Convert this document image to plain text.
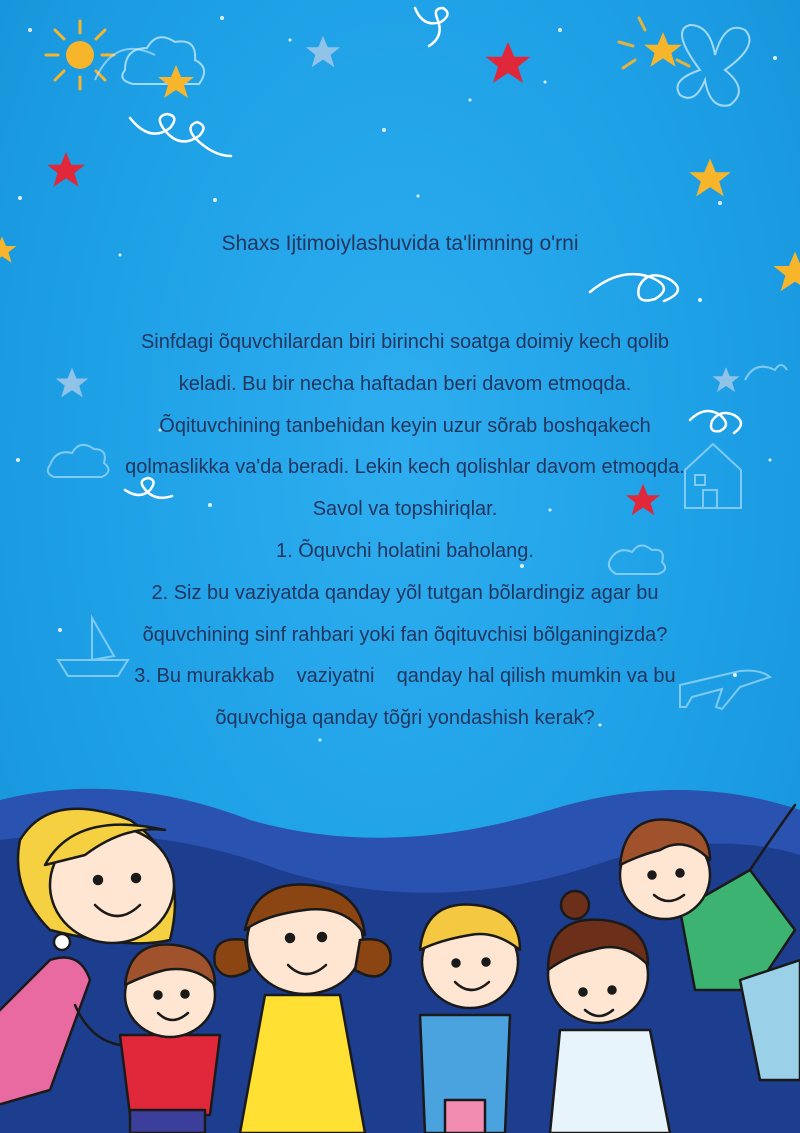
Shaxs Ijtimoiylashuvida ta'limning o'rni
Sinfdagi õquvchilardan biri birinchi soatga doimiy kech qolib
keladi. Bu bir necha haftadan beri davom etmoqda.
Õqituvchining tanbehidan keyin uzur sõrab boshqakech
qolmaslikka va'da beradi. Lekin kech qolishlar davom etmoqda.
Savol va topshiriqlar.
1. Õquvchi holatini baholang.
2. Siz bu vaziyatda qanday yõl tutgan bõlardingiz agar bu
õquvchining sinf rahbari yoki fan õqituvchisi bõlganingizda?
3. Bu murakkab    vaziyatni    qanday hal qilish mumkin va bu
õquvchiga qanday tõğri yondashish kerak?
